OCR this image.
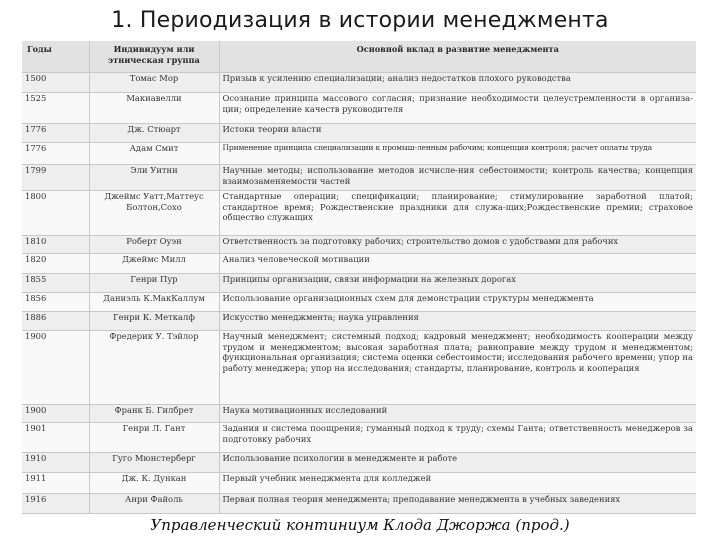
1. Периодизация в истории менеджмента
Годы	Индивидуум или этническая группа	Основной вклад в развитие менеджмента
1500	Томас Мор	Призыв к усилению специализации; анализ недостатков плохого руководства
1525	Макиавелли	Осознание принципа массового согласия; признание необходимости целеустремленности в организа-ции; определение качеств руководителя
1776	Дж. Стюарт	Истоки теории власти
1776	Адам Смит	Применение принципа специализации к промыш-ленным рабочим; концепция контроля; расчет оплаты труда
1799	Эли Уитни	Научные методы; использование методов исчисле-ния себестоимости; контроль качества; концепция взаимозаменяемости частей
1800	Джеймс Уатт,Маттеус Болтон,Сохо	Стандартные операции; спецификации; планирование; стимулирование заработной платой; стандартное время; Рождественские праздники для служа-щих;Рождественские премии; страховое общество служащих
1810	Роберт Оуэн	Ответственность за подготовку рабочих; строительство домов с удобствами для рабочих
1820	Джеймс Милл	Анализ человеческой мотивации
1855	Генри Пур	Принципы организации, связи информации на железных дорогах
1856	Даниэль К.МакКаллум	Использование организационных схем для демонстрации структуры менеджмента
1886	Генри К. Меткалф	Искусство менеджмента; наука управления
1900	Фредерик У. Тэйлор	Научный менеджмент; системный подход; кадровый менеджмент; необходимость кооперации между трудом и менеджментом; высокая заработная плата; равноправие между трудом и менеджментом; функциональная организация; система оценки себестоимости; исследования рабочего времени; упор на работу менеджера; упор на исследования; стандарты, планирование, контроль и кооперация
1900	Франк Б. Гилбрет	Наука мотивационных исследований
1901	Генри Л. Гант	Задания и система поощрения; гуманный подход к труду; схемы Ганта; ответственность менеджеров за подготовку рабочих
1910	Гуго Мюнстерберг	Использование психологии в менеджменте и работе
1911	Дж. К. Дункан	Первый учебник менеджмента для колледжей
1916	Анри Файоль	Первая полная теория менеджмента; преподавание менеджмента в учебных заведениях
Управленческий континиум Клода Джоржа (прод.)
